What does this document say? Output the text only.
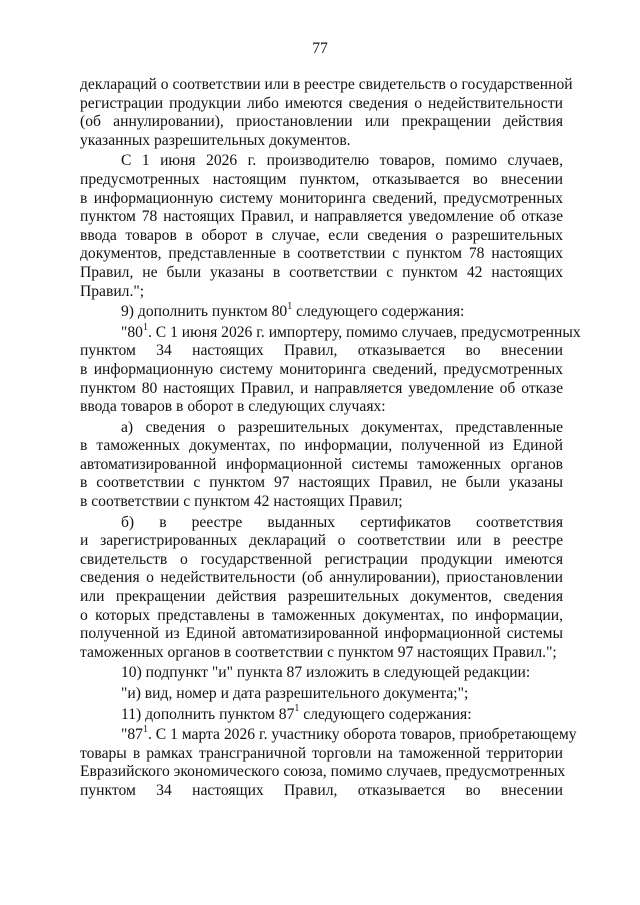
77
деклараций о соответствии или в реестре свидетельств о государственной
регистрации продукции либо имеются сведения о недействительности
(об аннулировании), приостановлении или прекращении действия
указанных разрешительных документов.
С 1 июня 2026 г. производителю товаров, помимо случаев,
предусмотренных настоящим пунктом, отказывается во внесении
в информационную систему мониторинга сведений, предусмотренных
пунктом 78 настоящих Правил, и направляется уведомление об отказе
ввода товаров в оборот в случае, если сведения о разрешительных
документов, представленные в соответствии с пунктом 78 настоящих
Правил, не были указаны в соответствии с пунктом 42 настоящих
Правил.";
9) дополнить пунктом $80^1$ следующего содержания:
"$80^1$. С 1 июня 2026 г. импортеру, помимо случаев, предусмотренных
пунктом 34 настоящих Правил, отказывается во внесении
в информационную систему мониторинга сведений, предусмотренных
пунктом 80 настоящих Правил, и направляется уведомление об отказе
ввода товаров в оборот в следующих случаях:
а) сведения о разрешительных документах, представленные
в таможенных документах, по информации, полученной из Единой
автоматизированной информационной системы таможенных органов
в соответствии с пунктом 97 настоящих Правил, не были указаны
в соответствии с пунктом 42 настоящих Правил;
б) в реестре выданных сертификатов соответствия
и зарегистрированных деклараций о соответствии или в реестре
свидетельств о государственной регистрации продукции имеются
сведения о недействительности (об аннулировании), приостановлении
или прекращении действия разрешительных документов, сведения
о которых представлены в таможенных документах, по информации,
полученной из Единой автоматизированной информационной системы
таможенных органов в соответствии с пунктом 97 настоящих Правил.";
10) подпункт "и" пункта 87 изложить в следующей редакции:
"и) вид, номер и дата разрешительного документа;";
11) дополнить пунктом $87^1$ следующего содержания:
"$87^1$. С 1 марта 2026 г. участнику оборота товаров, приобретающему
товары в рамках трансграничной торговли на таможенной территории
Евразийского экономического союза, помимо случаев, предусмотренных
пунктом 34 настоящих Правил, отказывается во внесении
